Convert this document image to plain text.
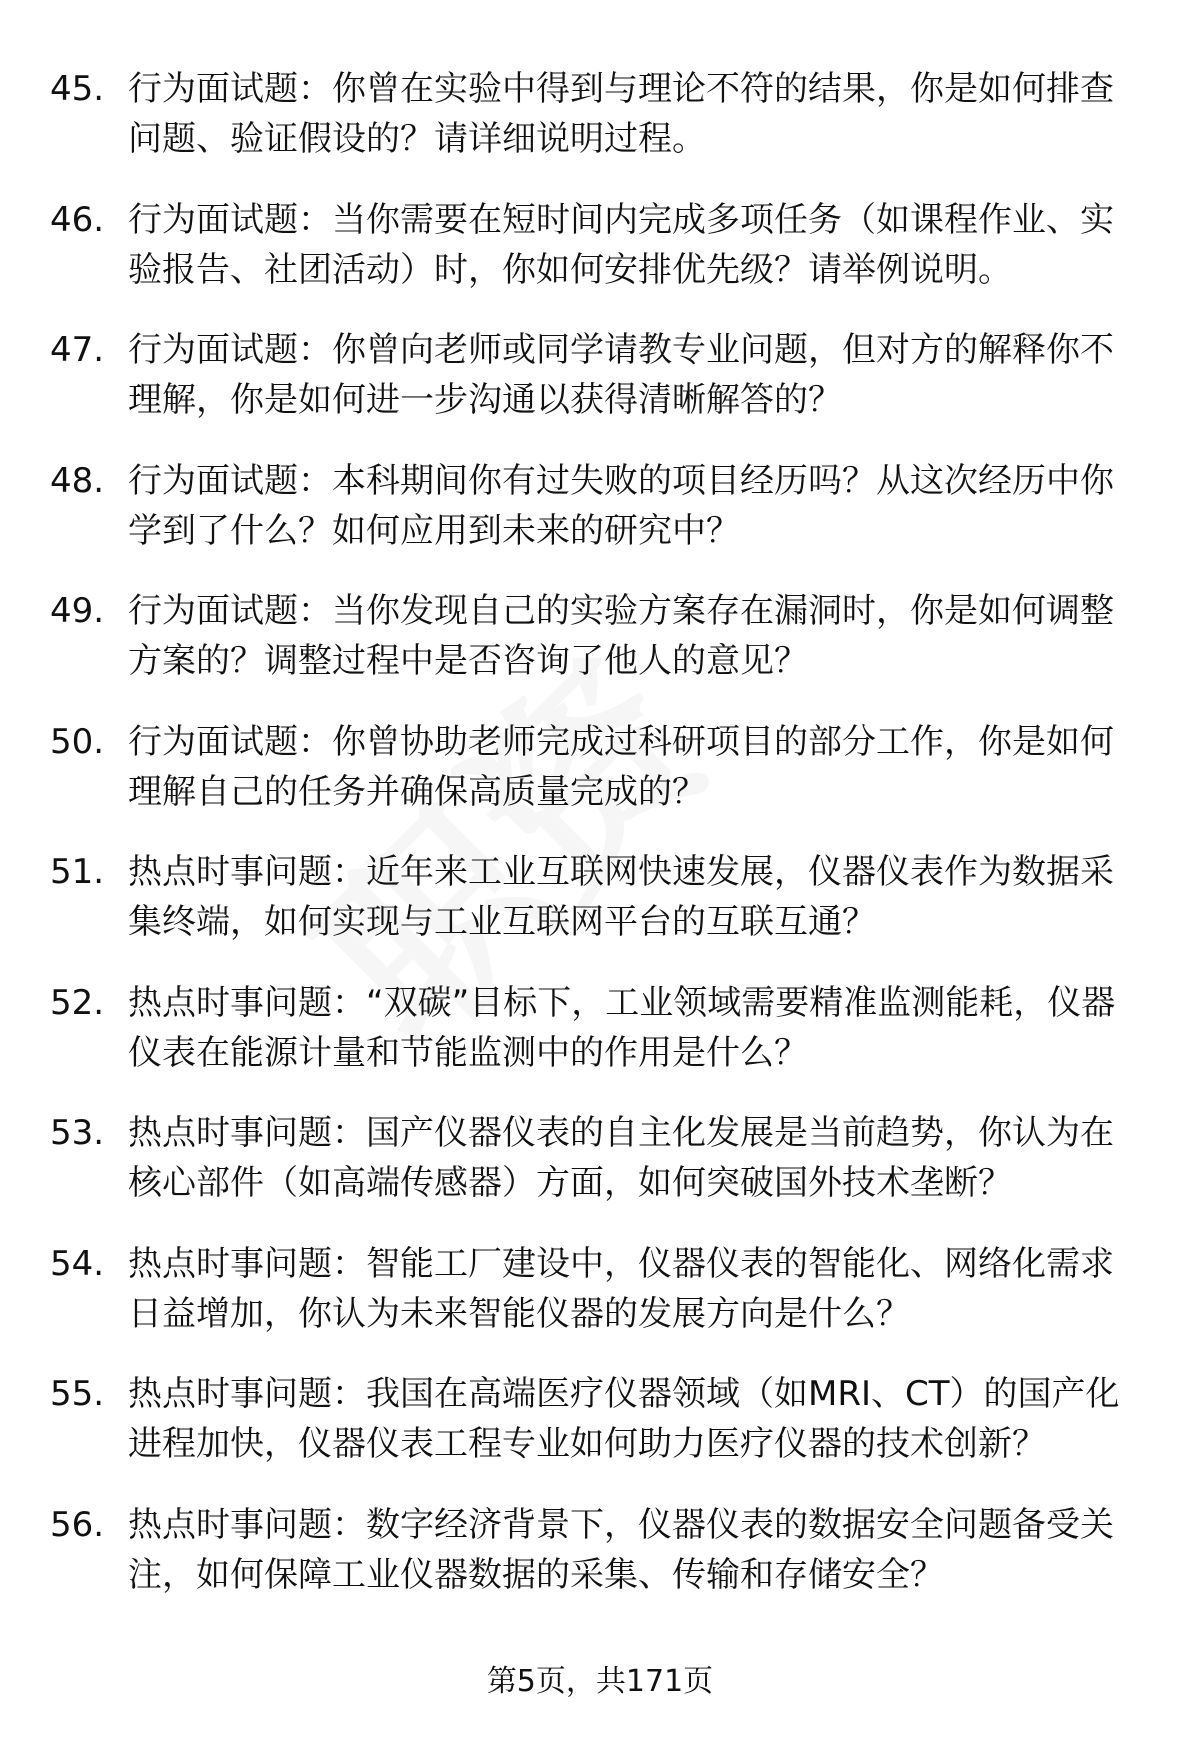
45. 行为面试题：你曾在实验中得到与理论不符的结果，你是如何排查问题、验证假设的？请详细说明过程。
46. 行为面试题：当你需要在短时间内完成多项任务（如课程作业、实验报告、社团活动）时，你如何安排优先级？请举例说明。
47. 行为面试题：你曾向老师或同学请教专业问题，但对方的解释你不理解，你是如何进一步沟通以获得清晰解答的？
48. 行为面试题：本科期间你有过失败的项目经历吗？从这次经历中你学到了什么？如何应用到未来的研究中？
49. 行为面试题：当你发现自己的实验方案存在漏洞时，你是如何调整方案的？调整过程中是否咨询了他人的意见？
50. 行为面试题：你曾协助老师完成过科研项目的部分工作，你是如何理解自己的任务并确保高质量完成的？
51. 热点时事问题：近年来工业互联网快速发展，仪器仪表作为数据采集终端，如何实现与工业互联网平台的互联互通？
52. 热点时事问题：“双碳”目标下，工业领域需要精准监测能耗，仪器仪表在能源计量和节能监测中的作用是什么？
53. 热点时事问题：国产仪器仪表的自主化发展是当前趋势，你认为在核心部件（如高端传感器）方面，如何突破国外技术垄断？
54. 热点时事问题：智能工厂建设中，仪器仪表的智能化、网络化需求日益增加，你认为未来智能仪器的发展方向是什么？
55. 热点时事问题：我国在高端医疗仪器领域（如MRI、CT）的国产化进程加快，仪器仪表工程专业如何助力医疗仪器的技术创新？
56. 热点时事问题：数字经济背景下，仪器仪表的数据安全问题备受关注，如何保障工业仪器数据的采集、传输和存储安全？
第5页，共171页
